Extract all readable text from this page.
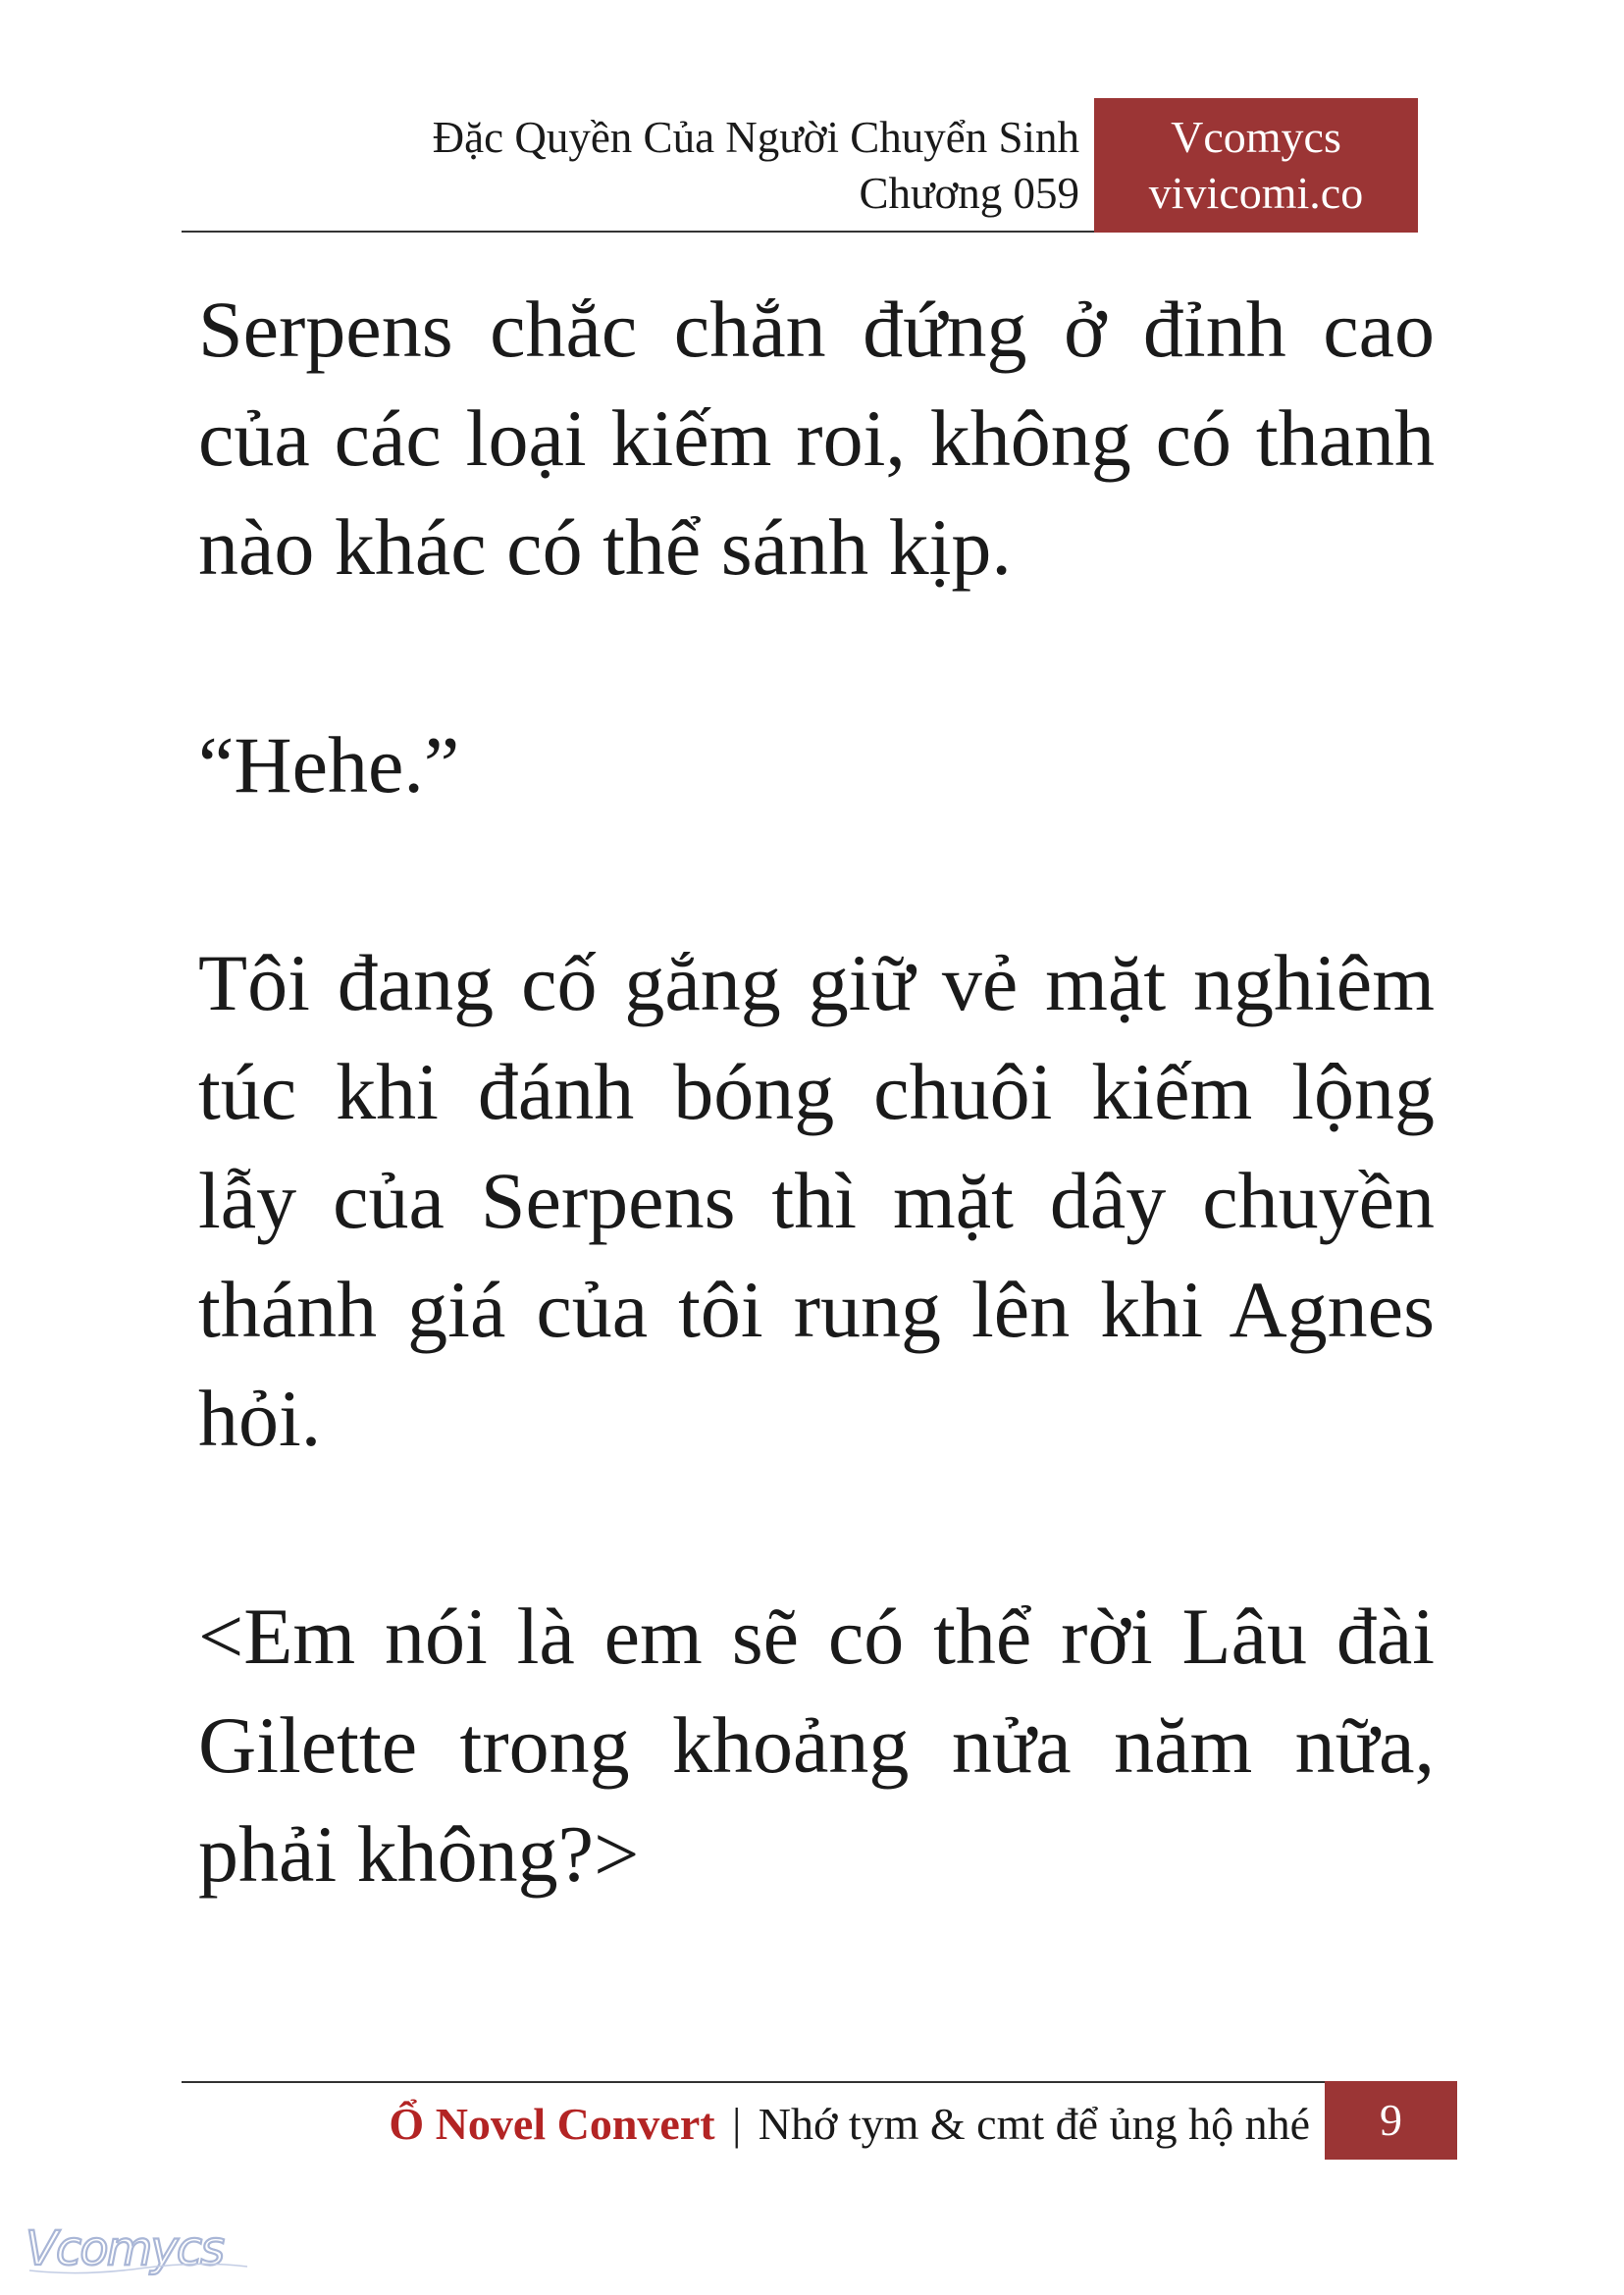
Đặc Quyền Của Người Chuyển Sinh
Chương 059
Vcomycs
vivicomi.co

Serpens chắc chắn đứng ở đỉnh cao của các loại kiếm roi, không có thanh nào khác có thể sánh kịp.

“Hehe.”

Tôi đang cố gắng giữ vẻ mặt nghiêm túc khi đánh bóng chuôi kiếm lộng lẫy của Serpens thì mặt dây chuyền thánh giá của tôi rung lên khi Agnes hỏi.

<Em nói là em sẽ có thể rời Lâu đài Gilette trong khoảng nửa năm nữa, phải không?>

Ổ Novel Convert | Nhớ tym & cmt để ủng hộ nhé	9
Vcomycs
